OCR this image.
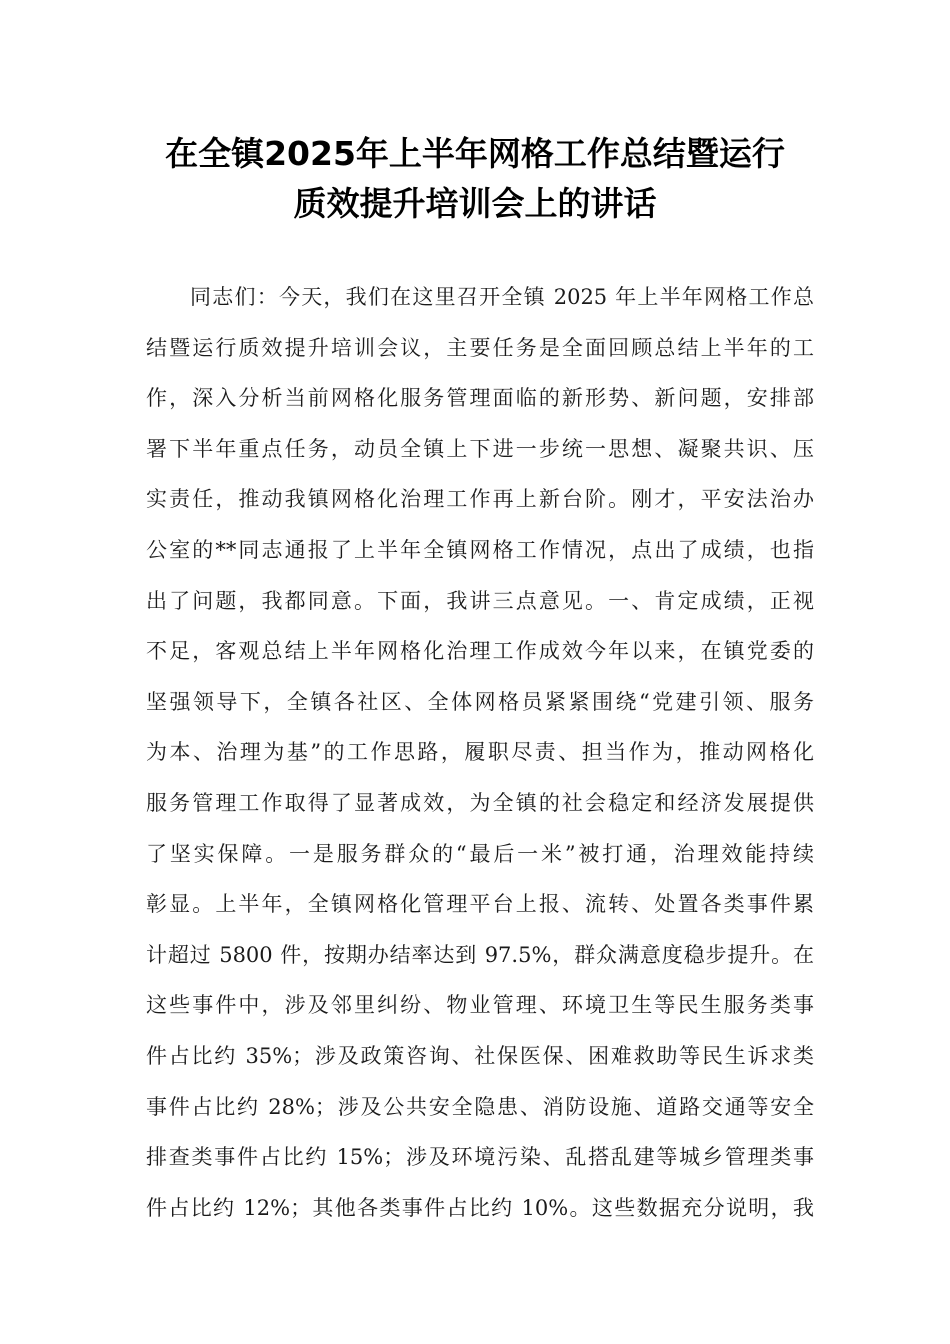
在全镇2025年上半年网格工作总结暨运行
质效提升培训会上的讲话
同志们：今天，我们在这里召开全镇 2025 年上半年网格工作总
结暨运行质效提升培训会议，主要任务是全面回顾总结上半年的工
作，深入分析当前网格化服务管理面临的新形势、新问题，安排部
署下半年重点任务，动员全镇上下进一步统一思想、凝聚共识、压
实责任，推动我镇网格化治理工作再上新台阶。刚才，平安法治办
公室的**同志通报了上半年全镇网格工作情况，点出了成绩，也指
出了问题，我都同意。下面，我讲三点意见。一、肯定成绩，正视
不足，客观总结上半年网格化治理工作成效今年以来，在镇党委的
坚强领导下，全镇各社区、全体网格员紧紧围绕“党建引领、服务
为本、治理为基”的工作思路，履职尽责、担当作为，推动网格化
服务管理工作取得了显著成效，为全镇的社会稳定和经济发展提供
了坚实保障。一是服务群众的“最后一米”被打通，治理效能持续
彰显。上半年，全镇网格化管理平台上报、流转、处置各类事件累
计超过 5800 件，按期办结率达到 97.5%，群众满意度稳步提升。在
这些事件中，涉及邻里纠纷、物业管理、环境卫生等民生服务类事
件占比约 35%；涉及政策咨询、社保医保、困难救助等民生诉求类
事件占比约 28%；涉及公共安全隐患、消防设施、道路交通等安全
排查类事件占比约 15%；涉及环境污染、乱搭乱建等城乡管理类事
件占比约 12%；其他各类事件占比约 10%。这些数据充分说明，我
